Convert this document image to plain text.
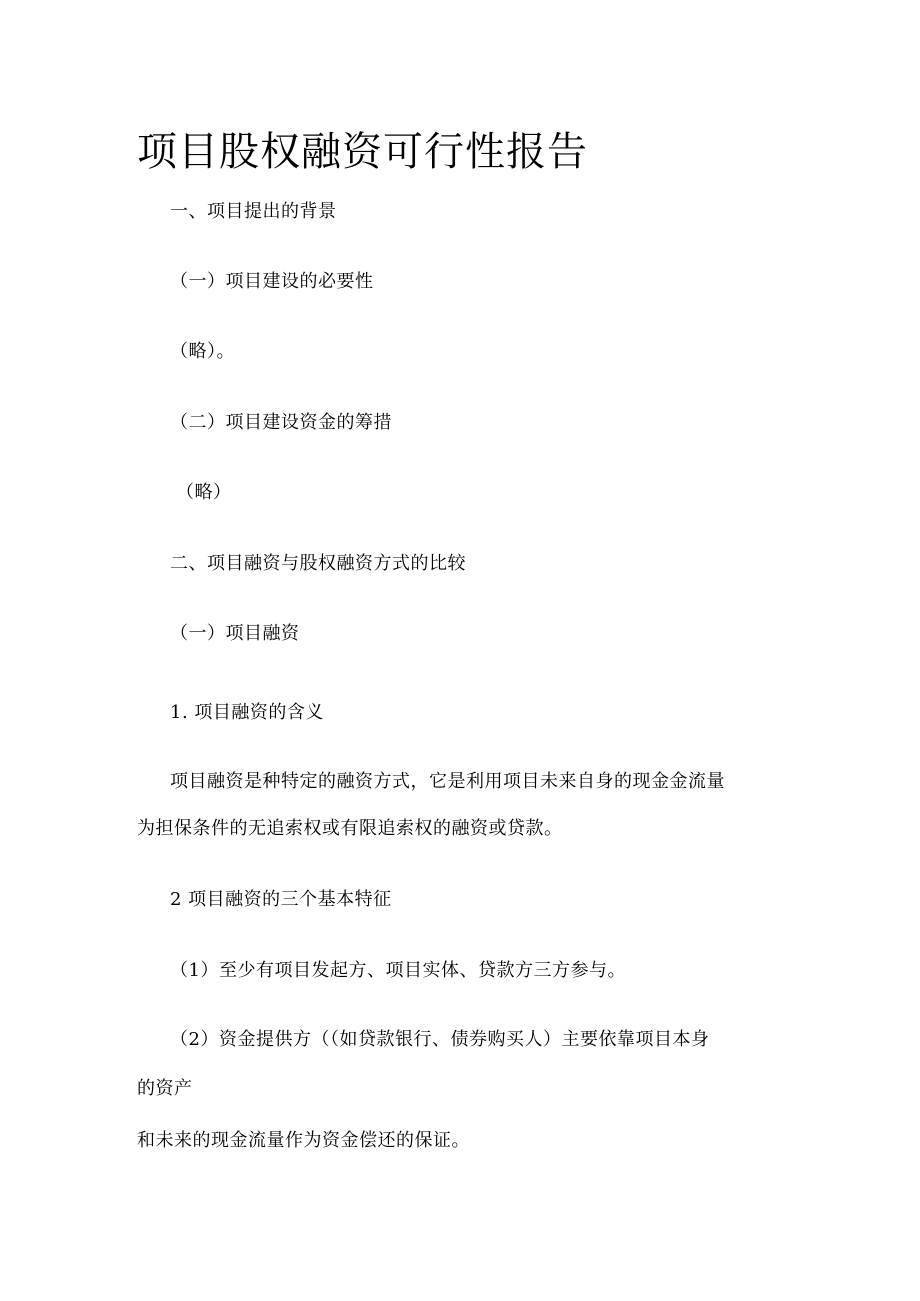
项目股权融资可行性报告

一、项目提出的背景

（一）项目建设的必要性

（略）。

（二）项目建设资金的筹措

（略）

二、项目融资与股权融资方式的比较

（一）项目融资

1. 项目融资的含义

项目融资是种特定的融资方式，它是利用项目未来自身的现金金流量

为担保条件的无追索权或有限追索权的融资或贷款。

2 项目融资的三个基本特征

（1）至少有项目发起方、项目实体、贷款方三方参与。

（2）资金提供方（（如贷款银行、债券购买人）主要依靠项目本身

的资产

和未来的现金流量作为资金偿还的保证。
